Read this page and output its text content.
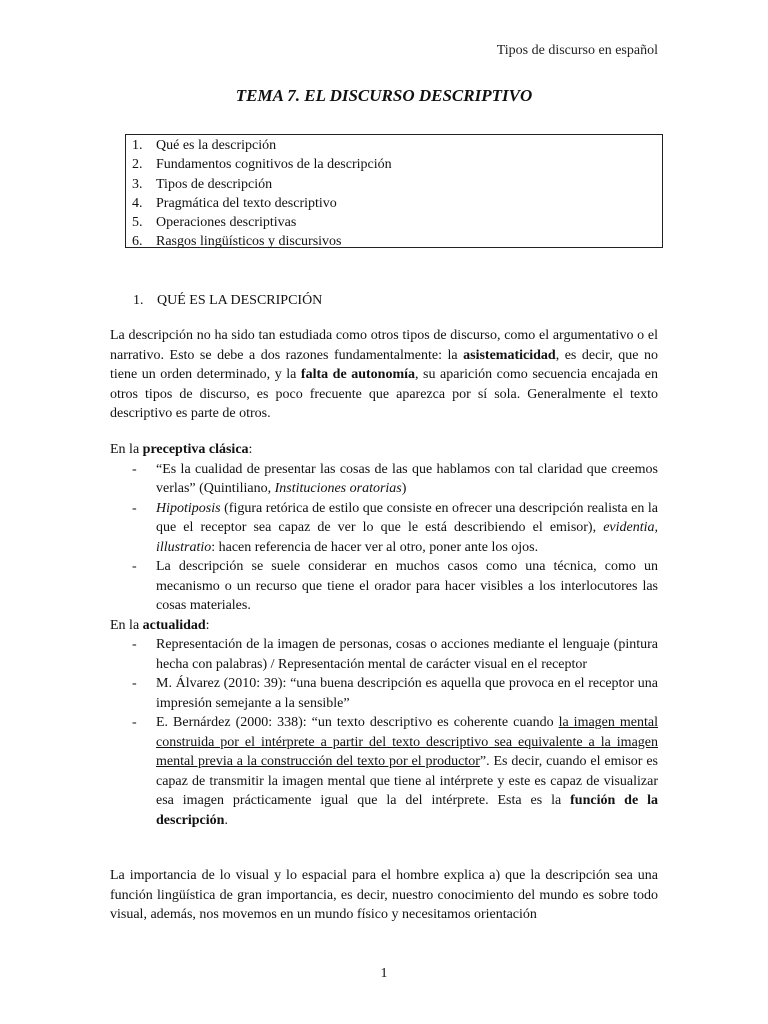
Tipos de discurso en español
TEMA 7. EL DISCURSO DESCRIPTIVO
1. Qué es la descripción
2. Fundamentos cognitivos de la descripción
3. Tipos de descripción
4. Pragmática del texto descriptivo
5. Operaciones descriptivas
6. Rasgos lingüísticos y discursivos
1. QUÉ ES LA DESCRIPCIÓN
La descripción no ha sido tan estudiada como otros tipos de discurso, como el argumentativo o el narrativo. Esto se debe a dos razones fundamentalmente: la asistematicidad, es decir, que no tiene un orden determinado, y la falta de autonomía, su aparición como secuencia encajada en otros tipos de discurso, es poco frecuente que aparezca por sí sola. Generalmente el texto descriptivo es parte de otros.

En la preceptiva clásica:

- “Es la cualidad de presentar las cosas de las que hablamos con tal claridad que creemos verlas” (Quintiliano, Instituciones oratorias)
- Hipotiposis (figura retórica de estilo que consiste en ofrecer una descripción realista en la que el receptor sea capaz de ver lo que le está describiendo el emisor), evidentia, illustratio: hacen referencia de hacer ver al otro, poner ante los ojos.
- La descripción se suele considerar en muchos casos como una técnica, como un mecanismo o un recurso que tiene el orador para hacer visibles a los interlocutores las cosas materiales.

En la actualidad:

- Representación de la imagen de personas, cosas o acciones mediante el lenguaje (pintura hecha con palabras) / Representación mental de carácter visual en el receptor
- M. Álvarez (2010: 39): “una buena descripción es aquella que provoca en el receptor una impresión semejante a la sensible”
- E. Bernárdez (2000: 338): “un texto descriptivo es coherente cuando la imagen mental construida por el intérprete a partir del texto descriptivo sea equivalente a la imagen mental previa a la construcción del texto por el productor”. Es decir, cuando el emisor es capaz de transmitir la imagen mental que tiene al intérprete y este es capaz de visualizar esa imagen prácticamente igual que la del intérprete. Esta es la función de la descripción.
La importancia de lo visual y lo espacial para el hombre explica a) que la descripción sea una función lingüística de gran importancia, es decir, nuestro conocimiento del mundo es sobre todo visual, además, nos movemos en un mundo físico y necesitamos orientación
1
